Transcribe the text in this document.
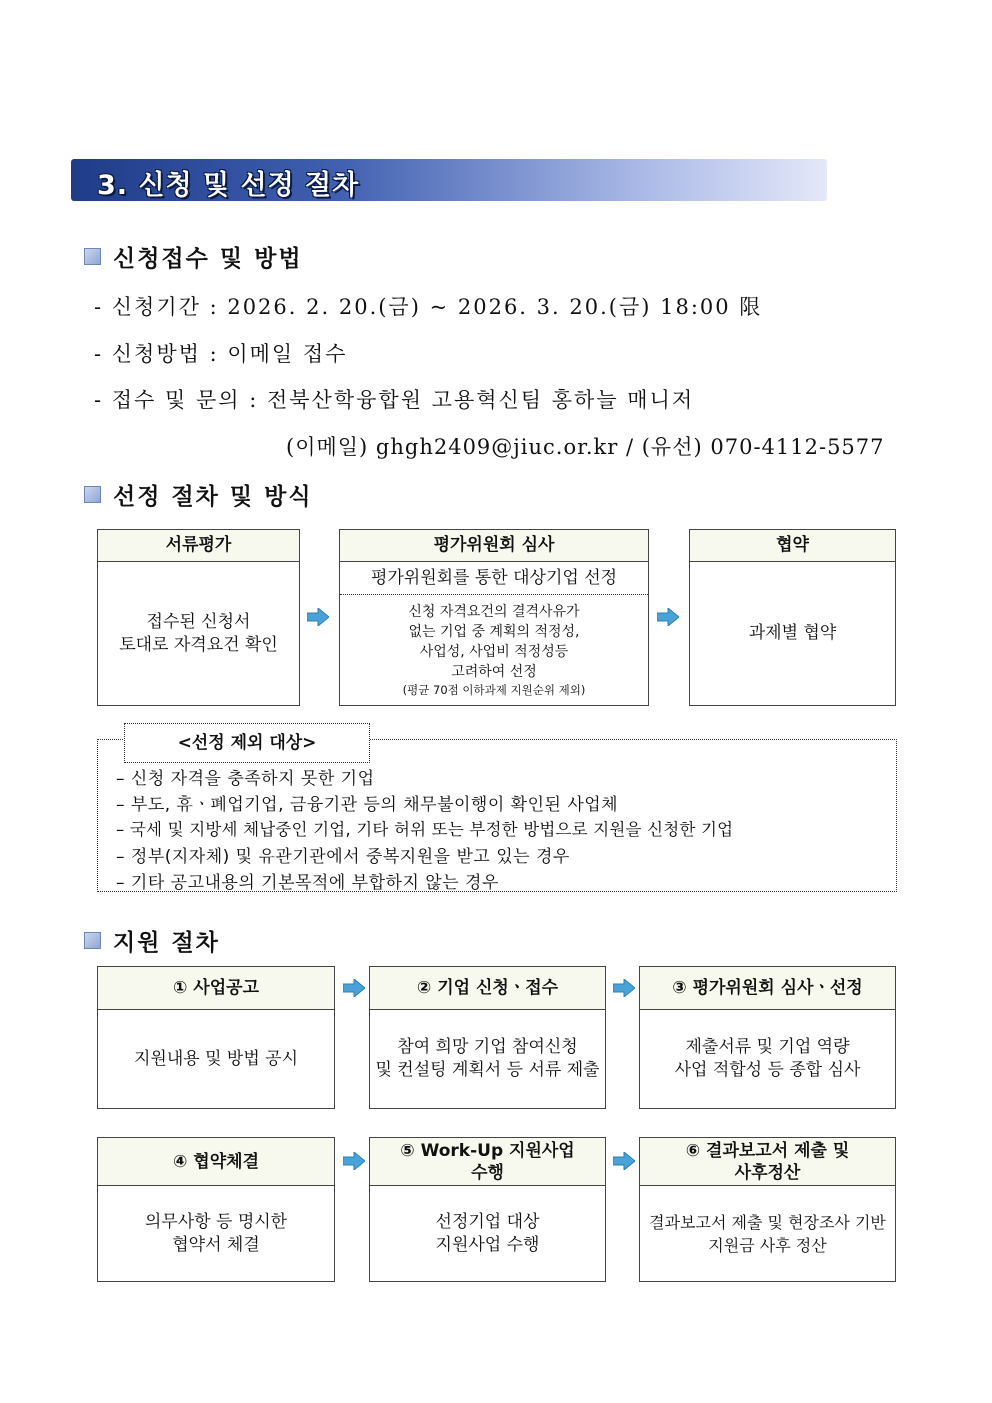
3. 신청 및 선정 절차
신청접수 및 방법
- 신청기간 : 2026. 2. 20.(금) ~ 2026. 3. 20.(금) 18:00 限
- 신청방법 : 이메일 접수
- 접수 및 문의 : 전북산학융합원 고용혁신팀 홍하늘 매니저
(이메일) ghgh2409@jiuc.or.kr / (유선) 070-4112-5577
선정 절차 및 방식
서류평가
접수된 신청서
토대로 자격요건 확인
평가위원회 심사
평가위원회를 통한 대상기업 선정
신청 자격요건의 결격사유가
없는 기업 중 계획의 적정성,
사업성, 사업비 적정성등
고려하여 선정
(평균 70점 이하과제 지원순위 제외)
협약
과제별 협약
<선정 제외 대상>
– 신청 자격을 충족하지 못한 기업
– 부도, 휴ㆍ폐업기업, 금융기관 등의 채무불이행이 확인된 사업체
– 국세 및 지방세 체납중인 기업, 기타 허위 또는 부정한 방법으로 지원을 신청한 기업
– 정부(지자체) 및 유관기관에서 중복지원을 받고 있는 경우
– 기타 공고내용의 기본목적에 부합하지 않는 경우
지원 절차
① 사업공고
지원내용 및 방법 공시
② 기업 신청ㆍ접수
참여 희망 기업 참여신청
및 컨설팅 계획서 등 서류 제출
③ 평가위원회 심사ㆍ선정
제출서류 및 기업 역량
사업 적합성 등 종합 심사
④ 협약체결
의무사항 등 명시한
협약서 체결
⑤ Work-Up 지원사업
수행
선정기업 대상
지원사업 수행
⑥ 결과보고서 제출 및
사후정산
결과보고서 제출 및 현장조사 기반
지원금 사후 정산
